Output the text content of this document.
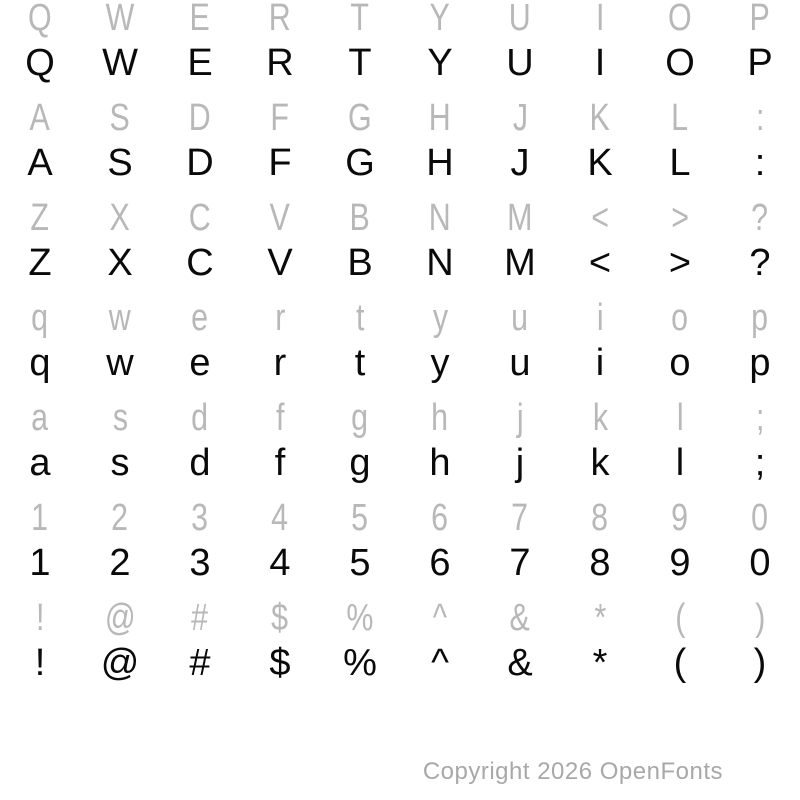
Q W E R T Y U I O P
Q W E R T Y U I O P
A S D F G H J K L :
A S D F G H J K L :
Z X C V B N M < > ?
Z X C V B N M < > ?
q w e r t y u i o p
q w e r t y u i o p
a s d f g h j k l ;
a s d f g h j k l ;
1 2 3 4 5 6 7 8 9 0
1 2 3 4 5 6 7 8 9 0
! @ # $ % ^ & * ( )
! @ # $ % ^ & * ( )
Copyright 2026 OpenFonts
